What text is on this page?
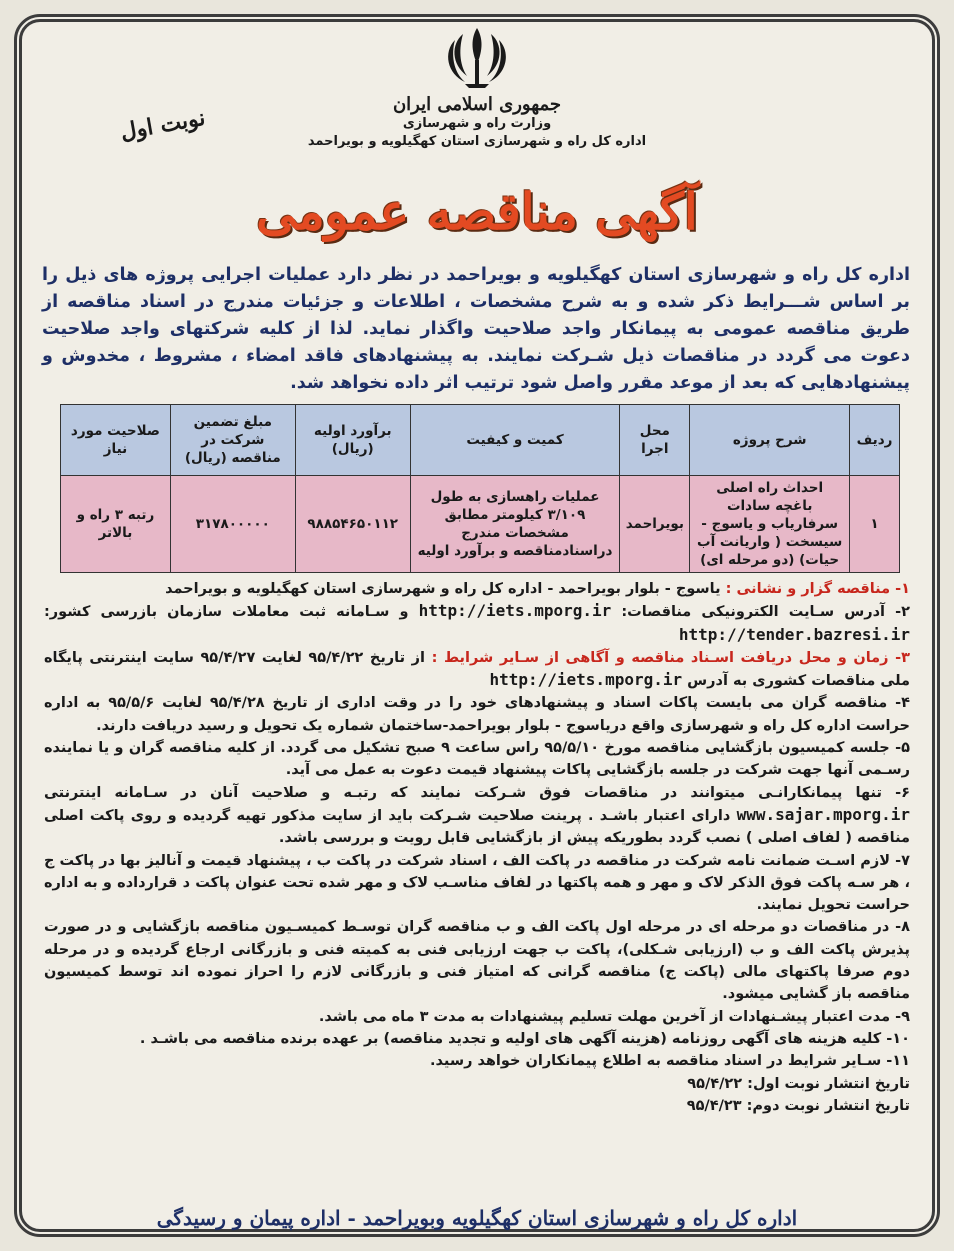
جمهوری اسلامی ایران
وزارت راه و شهرسازی
اداره کل راه و شهرسازی استان کهگیلویه و بویراحمد
نوبت اول
آگهی مناقصه عمومی
اداره کل راه و شهرسازی استان کهگیلویه و بویراحمد در نظر دارد عملیات اجرایی پروژه های ذیل را بر اساس شـــرایط ذکر شده و به شرح مشخصات ، اطلاعات و جزئیات مندرج در اسناد مناقصه از طریق مناقصه عمومی به پیمانکار واجد صلاحیت واگذار نماید. لذا از کلیه شرکتهای واجد صلاحیت دعوت می گردد در مناقصات ذیل شـرکت نمایند. به پیشنهادهای فاقد امضاء ، مشروط ، مخدوش و پیشنهادهایی که بعد از موعد مقرر واصل شود ترتیب اثر داده نخواهد شد.
ردیف	شرح پروژه	محل اجرا	کمیت و کیفیت	برآورد اولیه (ریال)	مبلغ تضمین شرکت در مناقصه (ریال)	صلاحیت مورد نیاز
۱	احداث راه اصلی باغچه سادات سرفاریاب و یاسوج - سیسخت ( واریانت آب حیات) (دو مرحله ای)	بویراحمد	عملیات راهسازی به طول ۳/۱۰۹ کیلومتر مطابق مشخصات مندرج دراسنادمناقصه و برآورد اولیه	۹۸۸۵۴۶۵۰۱۱۲	۳۱۷۸۰۰۰۰۰	رتبه ۳ راه و بالاتر

۱- مناقصه گزار و نشانی : یاسوج - بلوار بویراحمد - اداره کل راه و شهرسازی استان کهگیلویه و بویراحمد

۲- آدرس سـایت الکترونیکی مناقصات: http://iets.mporg.ir و سـامانه ثبت معاملات سازمان بازرسی کشور: http://tender.bazresi.ir

۳- زمان و محل دریافت اسـناد مناقصه و آگاهی از سـایر شرایط : از تاریخ ۹۵/۴/۲۲ لغایت ۹۵/۴/۲۷ سایت اینترنتی پایگاه ملی مناقصات کشوری به آدرس http://iets.mporg.ir

۴- مناقصه گران می بایست پاکات اسناد و پیشنهادهای خود را در وقت اداری از تاریخ ۹۵/۴/۲۸ لغایت ۹۵/۵/۶ به اداره حراست اداره کل راه و شهرسازی واقع دریاسوج - بلوار بویراحمد-ساختمان شماره یک تحویل و رسید دریافت دارند.

۵- جلسه کمیسیون بازگشایی مناقصه مورخ ۹۵/۵/۱۰ راس ساعت ۹ صبح تشکیل می گردد. از کلیه مناقصه گران و یا نماینده رسـمی آنها جهت شرکت در جلسه بازگشایی پاکات پیشنهاد قیمت دعوت به عمل می آید.

۶- تنها پیمانکارانـی میتوانند در مناقصات فوق شـرکت نمایند که رتبـه و صلاحیت آنان در سـامانه اینترنتی www.sajar.mporg.ir دارای اعتبار باشـد . پرینت صلاحیت شـرکت باید از سایت مذکور تهیه گردیده و روی پاکت اصلی مناقصه ( لفاف اصلی ) نصب گردد بطوریکه پیش از بازگشایی قابل رویت و بررسی باشد.

۷- لازم اسـت ضمانت نامه شرکت در مناقصه در پاکت الف ، اسناد شرکت در پاکت ب ، پیشنهاد قیمت و آنالیز بها در پاکت ج ، هر سـه پاکت فوق الذکر لاک و مهر و همه پاکتها در لفاف مناسـب لاک و مهر شده تحت عنوان پاکت د قرارداده و به اداره حراست تحویل نمایند.

۸- در مناقصات دو مرحله ای در مرحله اول پاکت الف و ب مناقصه گران توسـط کمیسـیون مناقصه بازگشایی و در صورت پذیرش پاکت الف و ب (ارزیابی شـکلی)، پاکت ب جهت ارزیابی فنی به کمیته فنی و بازرگانی ارجاع گردیده و در مرحله دوم صرفا پاکتهای مالی (پاکت ج) مناقصه گرانی که امتیاز فنی و بازرگانی لازم را احراز نموده اند توسط کمیسیون مناقصه باز گشایی میشود.

۹- مدت اعتبار پیشـنهادات از آخرین مهلت تسلیم پیشنهادات به مدت ۳ ماه می باشد.

۱۰- کلیه هزینه های آگهی روزنامه (هزینه آگهی های اولیه و تجدید مناقصه) بر عهده برنده مناقصه می باشـد .

۱۱- سـایر شرایط در اسناد مناقصه به اطلاع پیمانکاران خواهد رسید.

تاریخ انتشار نوبت اول: ۹۵/۴/۲۲

تاریخ انتشار نوبت دوم: ۹۵/۴/۲۳

اداره کل راه و شهرسازی استان کهگیلویه وبویراحمد - اداره پیمان و رسیدگی
